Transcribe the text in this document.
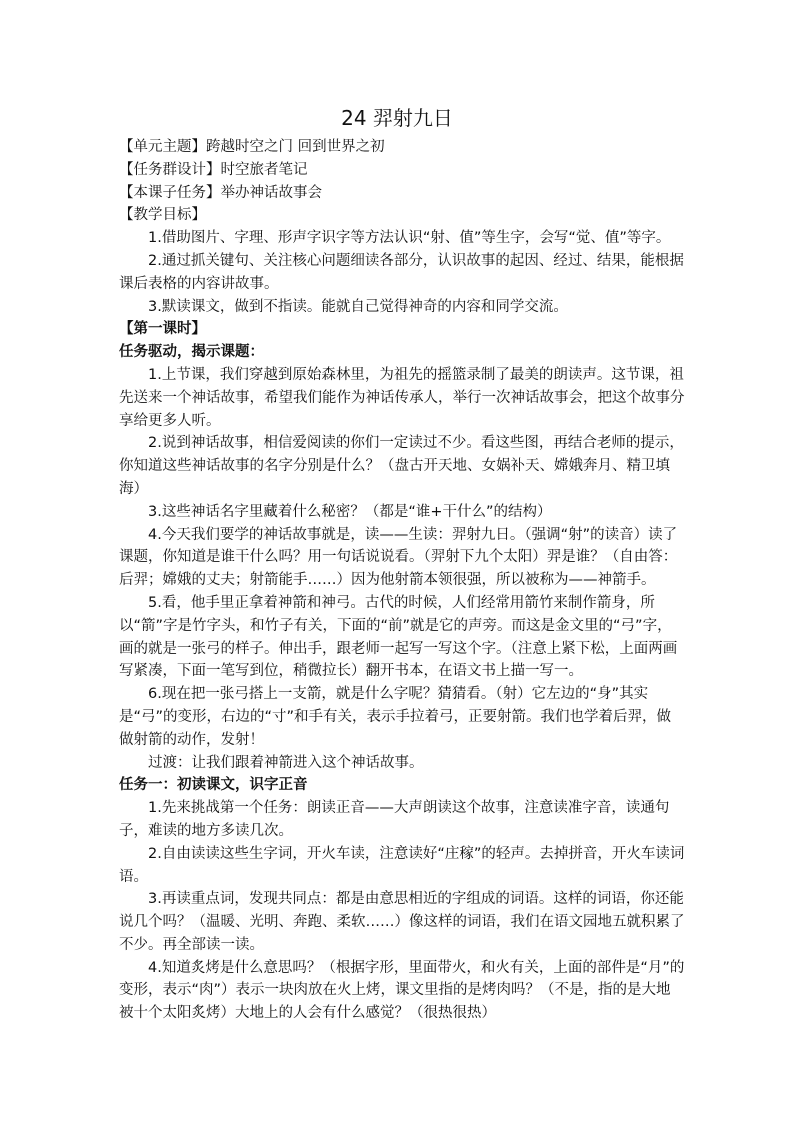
24 羿射九日

【单元主题】跨越时空之门 回到世界之初

【任务群设计】时空旅者笔记

【本课子任务】举办神话故事会

【教学目标】

1.借助图片、字理、形声字识字等方法认识“射、值”等生字，会写“觉、值”等字。

2.通过抓关键句、关注核心问题细读各部分，认识故事的起因、经过、结果，能根据课后表格的内容讲故事。

3.默读课文，做到不指读。能就自己觉得神奇的内容和同学交流。

【第一课时】

任务驱动，揭示课题：

1.上节课，我们穿越到原始森林里，为祖先的摇篮录制了最美的朗读声。这节课，祖先送来一个神话故事，希望我们能作为神话传承人，举行一次神话故事会，把这个故事分享给更多人听。

2.说到神话故事，相信爱阅读的你们一定读过不少。看这些图，再结合老师的提示，你知道这些神话故事的名字分别是什么？（盘古开天地、女娲补天、嫦娥奔月、精卫填海）

3.这些神话名字里藏着什么秘密？（都是“谁+干什么”的结构）

4.今天我们要学的神话故事就是，读——生读：羿射九日。（强调“射”的读音）读了课题，你知道是谁干什么吗？用一句话说说看。（羿射下九个太阳）羿是谁？（自由答：后羿；嫦娥的丈夫；射箭能手……）因为他射箭本领很强，所以被称为——神箭手。

5.看，他手里正拿着神箭和神弓。古代的时候，人们经常用箭竹来制作箭身，所以“箭”字是竹字头，和竹子有关，下面的“前”就是它的声旁。而这是金文里的“弓”字，画的就是一张弓的样子。伸出手，跟老师一起写一写这个字。（注意上紧下松，上面两画写紧凑，下面一笔写到位，稍微拉长）翻开书本，在语文书上描一写一。

6.现在把一张弓搭上一支箭，就是什么字呢？猜猜看。（射）它左边的“身”其实是“弓”的变形，右边的“寸”和手有关，表示手拉着弓，正要射箭。我们也学着后羿，做做射箭的动作，发射！

过渡：让我们跟着神箭进入这个神话故事。

任务一：初读课文，识字正音

1.先来挑战第一个任务：朗读正音——大声朗读这个故事，注意读准字音，读通句子，难读的地方多读几次。

2.自由读读这些生字词，开火车读，注意读好“庄稼”的轻声。去掉拼音，开火车读词语。

3.再读重点词，发现共同点：都是由意思相近的字组成的词语。这样的词语，你还能说几个吗？（温暖、光明、奔跑、柔软……）像这样的词语，我们在语文园地五就积累了不少。再全部读一读。

4.知道炙烤是什么意思吗？（根据字形，里面带火，和火有关，上面的部件是“月”的变形，表示“肉”）表示一块肉放在火上烤，课文里指的是烤肉吗？（不是，指的是大地被十个太阳炙烤）大地上的人会有什么感觉？（很热很热）
